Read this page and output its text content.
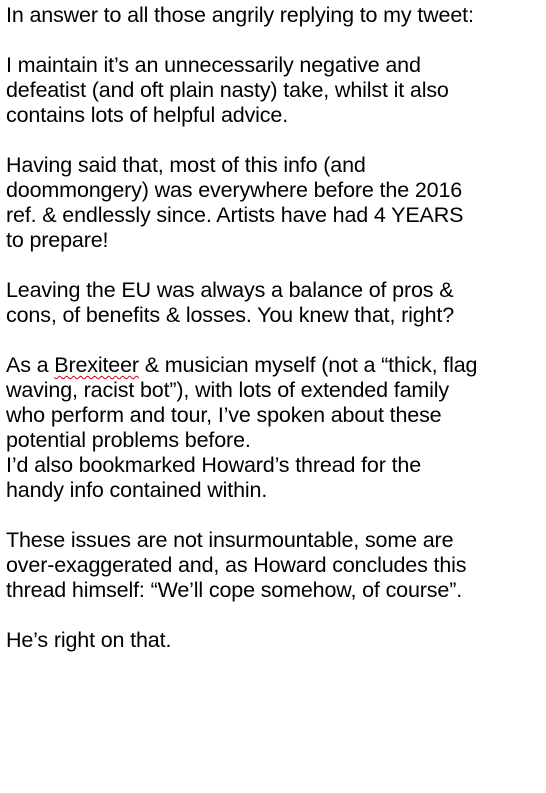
In answer to all those angrily replying to my tweet:
I maintain it’s an unnecessarily negative and
defeatist (and oft plain nasty) take, whilst it also
contains lots of helpful advice.
Having said that, most of this info (and
doommongery) was everywhere before the 2016
ref. & endlessly since. Artists have had 4 YEARS
to prepare!
Leaving the EU was always a balance of pros &
cons, of benefits & losses. You knew that, right?
As a Brexiteer & musician myself (not a “thick, flag
waving, racist bot”), with lots of extended family
who perform and tour, I’ve spoken about these
potential problems before.
I’d also bookmarked Howard’s thread for the
handy info contained within.
These issues are not insurmountable, some are
over-exaggerated and, as Howard concludes this
thread himself: “We’ll cope somehow, of course”.
He’s right on that.
